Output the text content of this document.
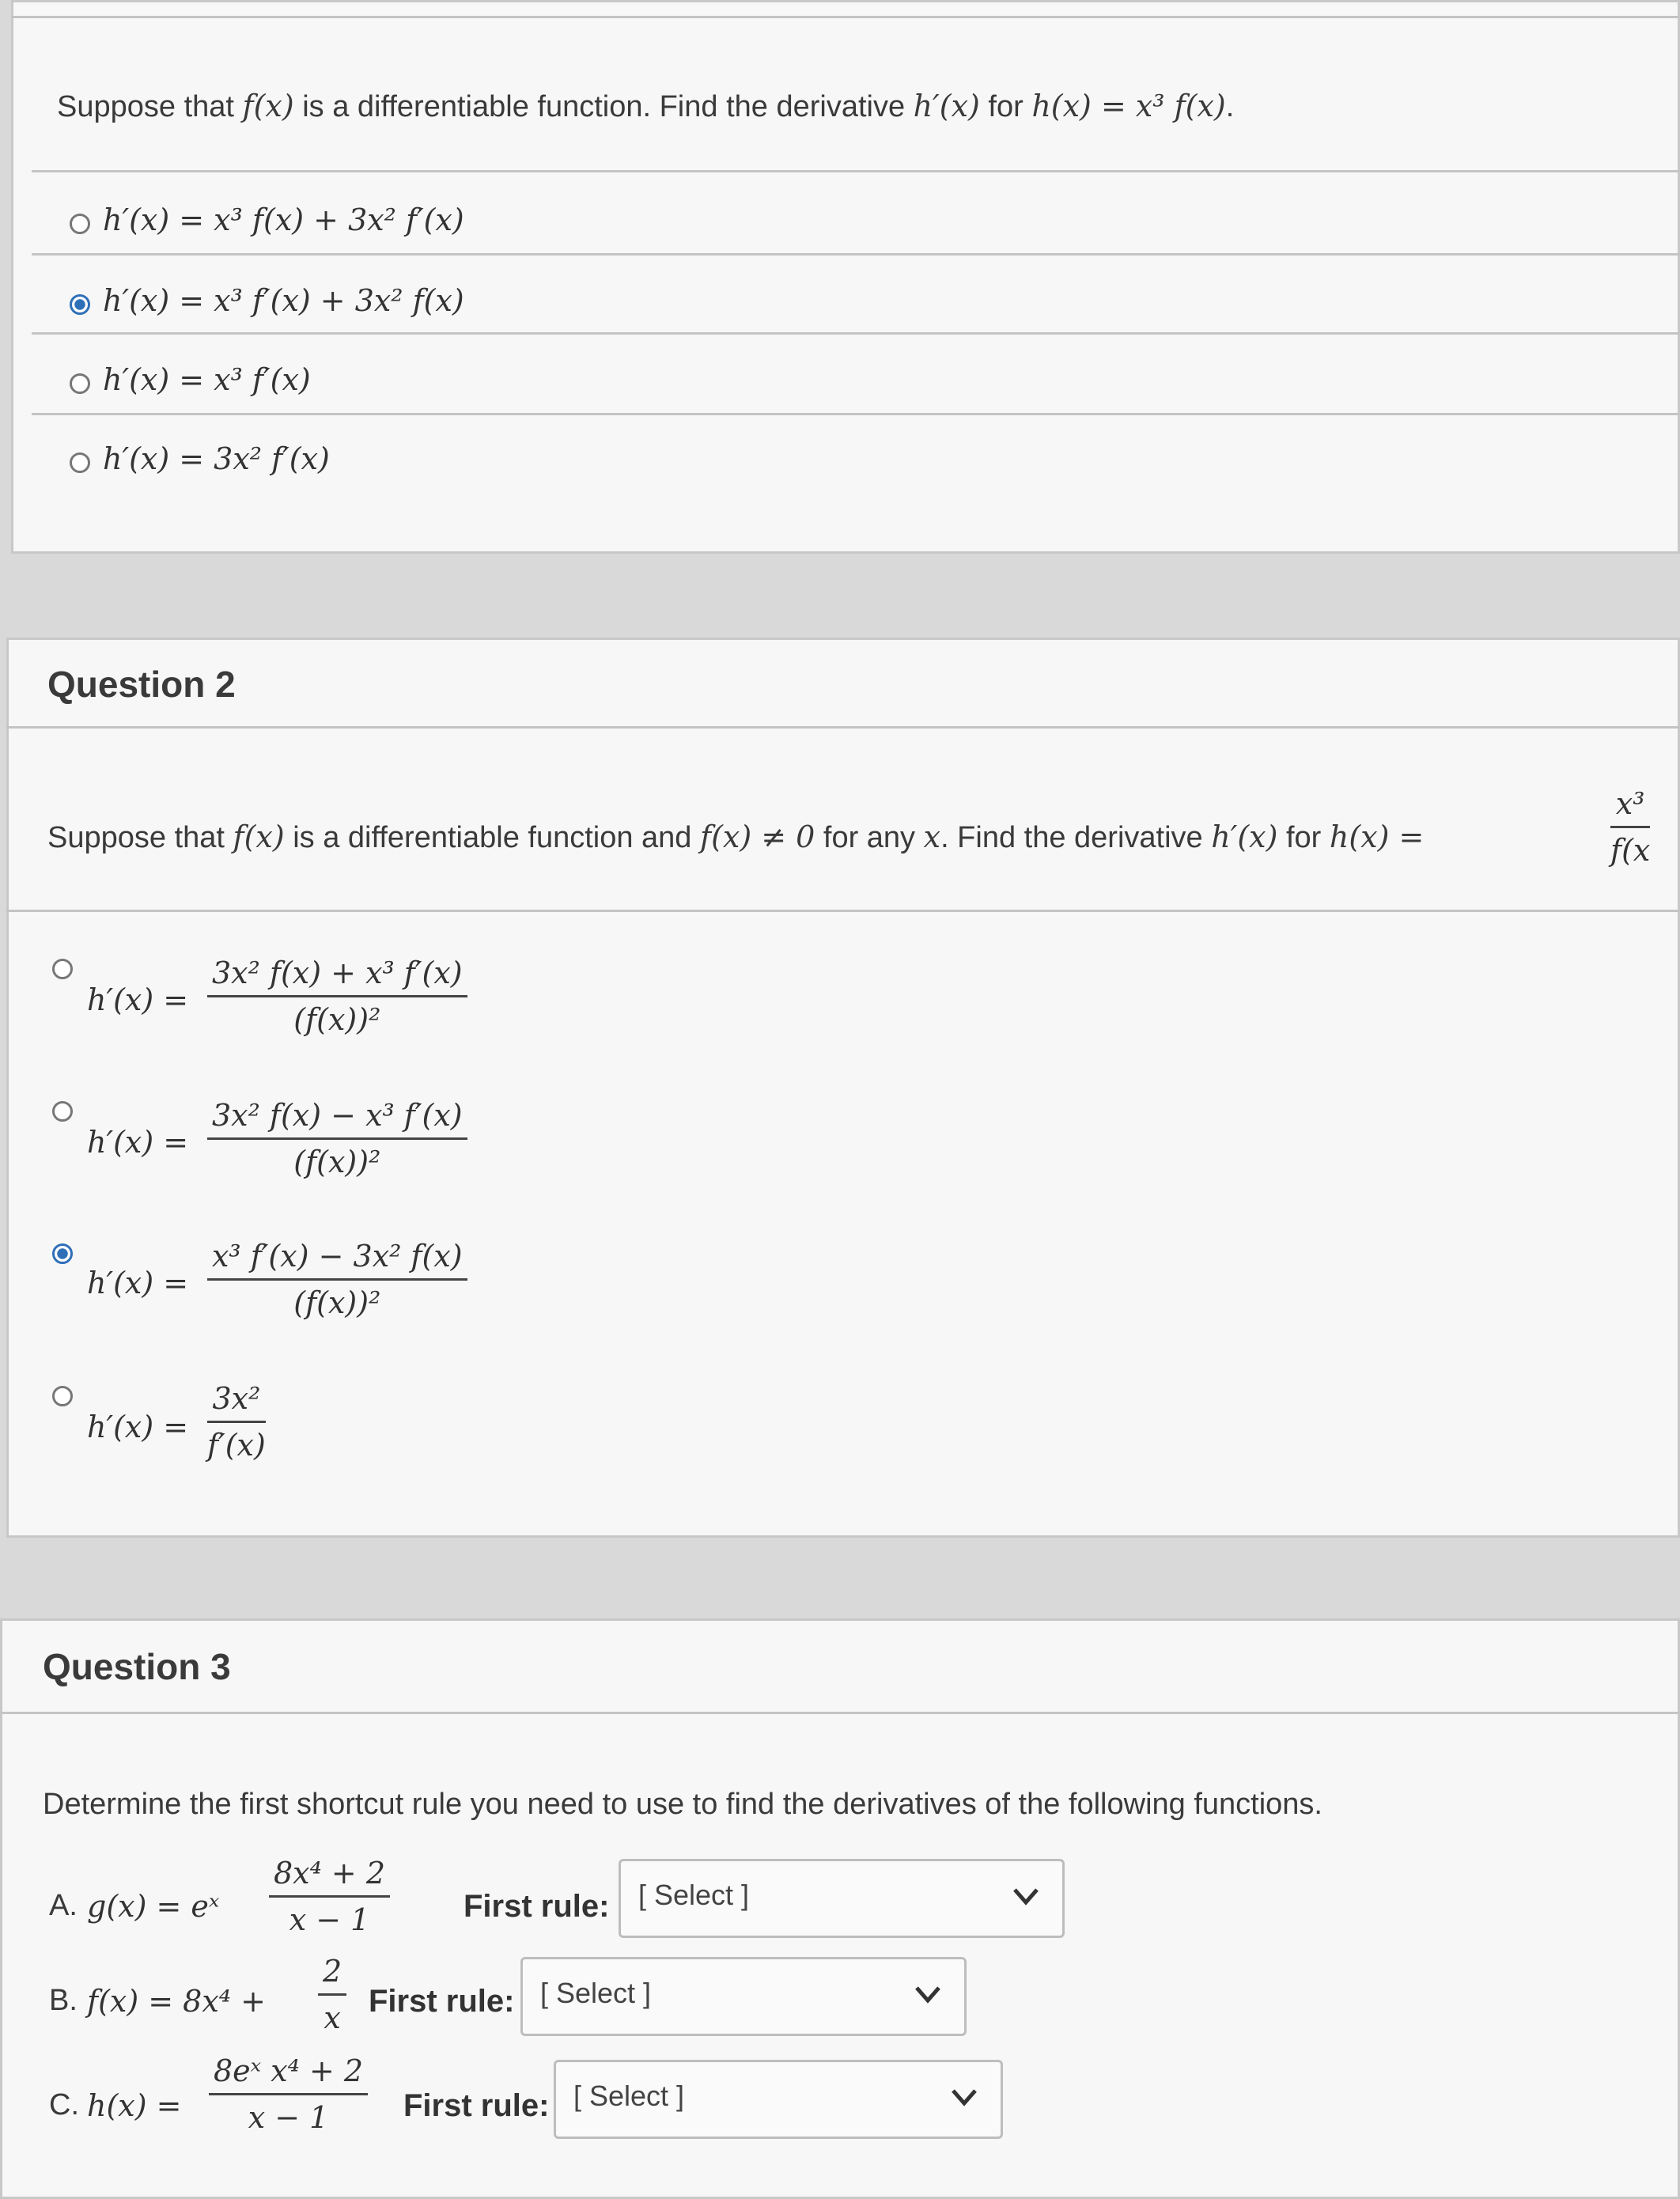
Suppose that f(x) is a differentiable function. Find the derivative h′(x) for h(x) = x³ f(x).
h′(x) = x³ f(x) + 3x² f′(x)
h′(x) = x³ f′(x) + 3x² f(x)
h′(x) = x³ f′(x)
h′(x) = 3x² f′(x)
Question 2
Suppose that f(x) is a differentiable function and f(x) ≠ 0 for any x. Find the derivative h′(x) for h(x) =	$\frac{\text{x³}}{f(x}$
$h'(x) = \frac{\text{3x² f(x) + x³ f′(x)}}{\text{(f(x))²}}$
$h'(x) = \frac{\text{3x² f(x) − x³ f′(x)}}{\text{(f(x))²}}$
$h'(x) = \frac{\text{x³ f′(x) − 3x² f(x)}}{\text{(f(x))²}}$
$h'(x) = \frac{\text{3x²}}{f'(x)}$
Question 3
Determine the first shortcut rule you need to use to find the derivatives of the following functions.
A. g(x) = eˣ $\frac{\text{8x⁴ + 2}}{x - 1}$ First rule: [ Select ]
B. $f(x) = 8x^4 + \frac{2}{x}$ First rule: [ Select ]
C. $h(x) = \frac{\text{8eˣ x⁴ + 2}}{x - 1}$ First rule: [ Select ]
